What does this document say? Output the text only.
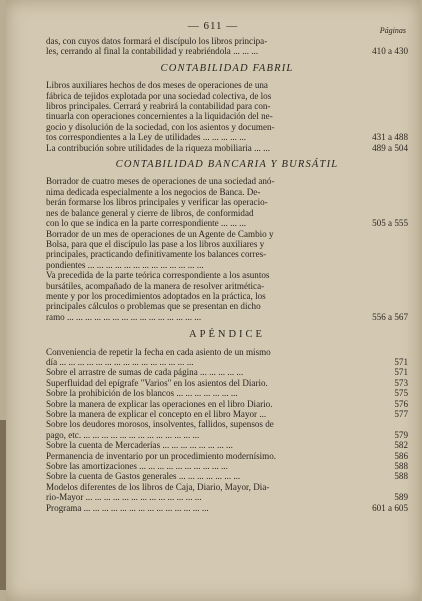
— 611 —	Páginas
das, con cuyos datos formará el discípulo los libros principa-
les, cerrando al final la contabilidad y reabriéndola ... ... ...	410 a 430
CONTABILIDAD FABRIL
Libros auxiliares hechos de dos meses de operaciones de una
fábrica de tejidos explotada por una sociedad colectiva, de los
libros principales. Cerrará y reabrirá la contabilidad para con-
tinuarla con operaciones concernientes a la liquidación del ne-
gocio y disolución de la sociedad, con los asientos y documen-
tos correspondientes a la Ley de utilidades ... ... ... ... ...	431 a 488
La contribución sobre utilidades de la riqueza mobiliaria ... ...	489 a 504
CONTABILIDAD BANCARIA Y BURSÁTIL
Borrador de cuatro meses de operaciones de una sociedad anó-
nima dedicada especialmente a los negocios de Banca. De-
berán formarse los libros principales y verificar las operacio-
nes de balance general y cierre de libros, de conformidad
con lo que se indica en la parte correspondiente ... ... ...	505 a 555
Borrador de un mes de operaciones de un Agente de Cambio y
Bolsa, para que el discípulo las pase a los libros auxiliares y
principales, practicando definitivamente los balances corres-
pondientes ... ... ... ... ... ... ... ... ... ... ... ... ...
Va precedida de la parte teórica correspondiente a los asuntos
bursátiles, acompañado de la manera de resolver aritmética-
mente y por los procedimientos adoptados en la práctica, los
principales cálculos o problemas que se presentan en dicho
ramo ... ... ... ... ... ... ... ... ... ... ... ... ... ... ...	556 a 567
APÉNDICE
Conveniencia de repetir la fecha en cada asiento de un mismo
día ... ... ... ... ... ... ... ... ... ... ... ... ... ... ...	571
Sobre el arrastre de sumas de cada página ... ... ... ... ...	571
Superfluidad del epígrafe "Varios" en los asientos del Diario.	573
Sobre la prohibición de los blancos ... ... ... ... ... ... ...	575
Sobre la manera de explicar las operaciones en el libro Diario.	576
Sobre la manera de explicar el concepto en el libro Mayor ...	577
Sobre los deudores morosos, insolventes, fallidos, supensos de
pago, etc. ... ... ... ... ... ... ... ... ... ... ... ... ...	579
Sobre la cuenta de Mercaderías ... ... ... ... ... ... ... ...	582
Permanencia de inventario por un procedimiento modernísimo.	586
Sobre las amortizaciones ... ... ... ... ... ... ... ... ... ...	588
Sobre la cuenta de Gastos generales ... ... ... ... ... ... ...	588
Modelos diferentes de los libros de Caja, Diario, Mayor, Dia-
rio-Mayor ... ... ... ... ... ... ... ... ... ... ... ... ...	589
Programa ... ... ... ... ... ... ... ... ... ... ... ... ... ...	601 a 605
